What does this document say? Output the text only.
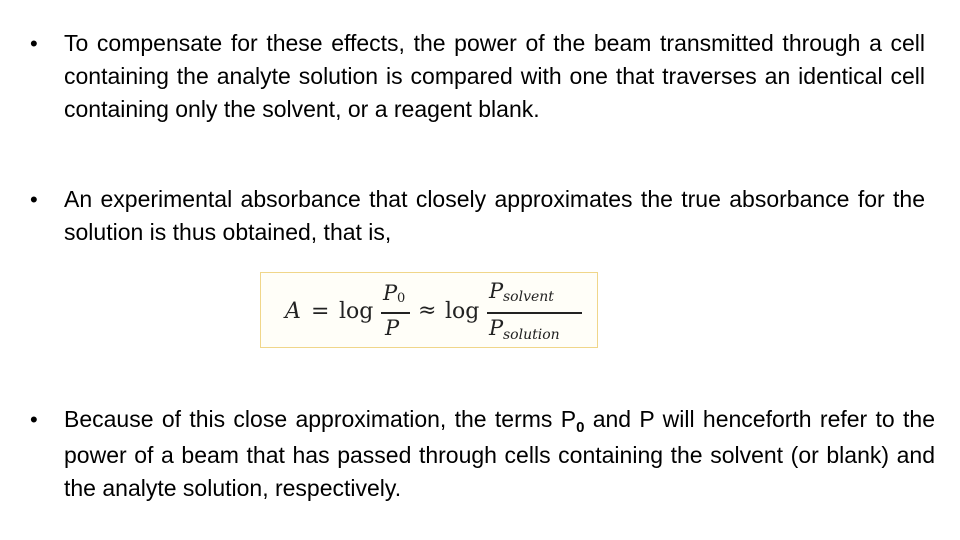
• To compensate for these effects, the power of the beam transmitted through a cell containing the analyte solution is compared with one that traverses an identical cell containing only the solvent, or a reagent blank.
• An experimental absorbance that closely approximates the true absorbance for the solution is thus obtained, that is,
A = log
P 0
P
≈ log
P solvent
P solution
• Because of this close approximation, the terms $P_0$ and P will henceforth refer to the power of a beam that has passed through cells containing the solvent (or blank) and the analyte solution, respectively.
